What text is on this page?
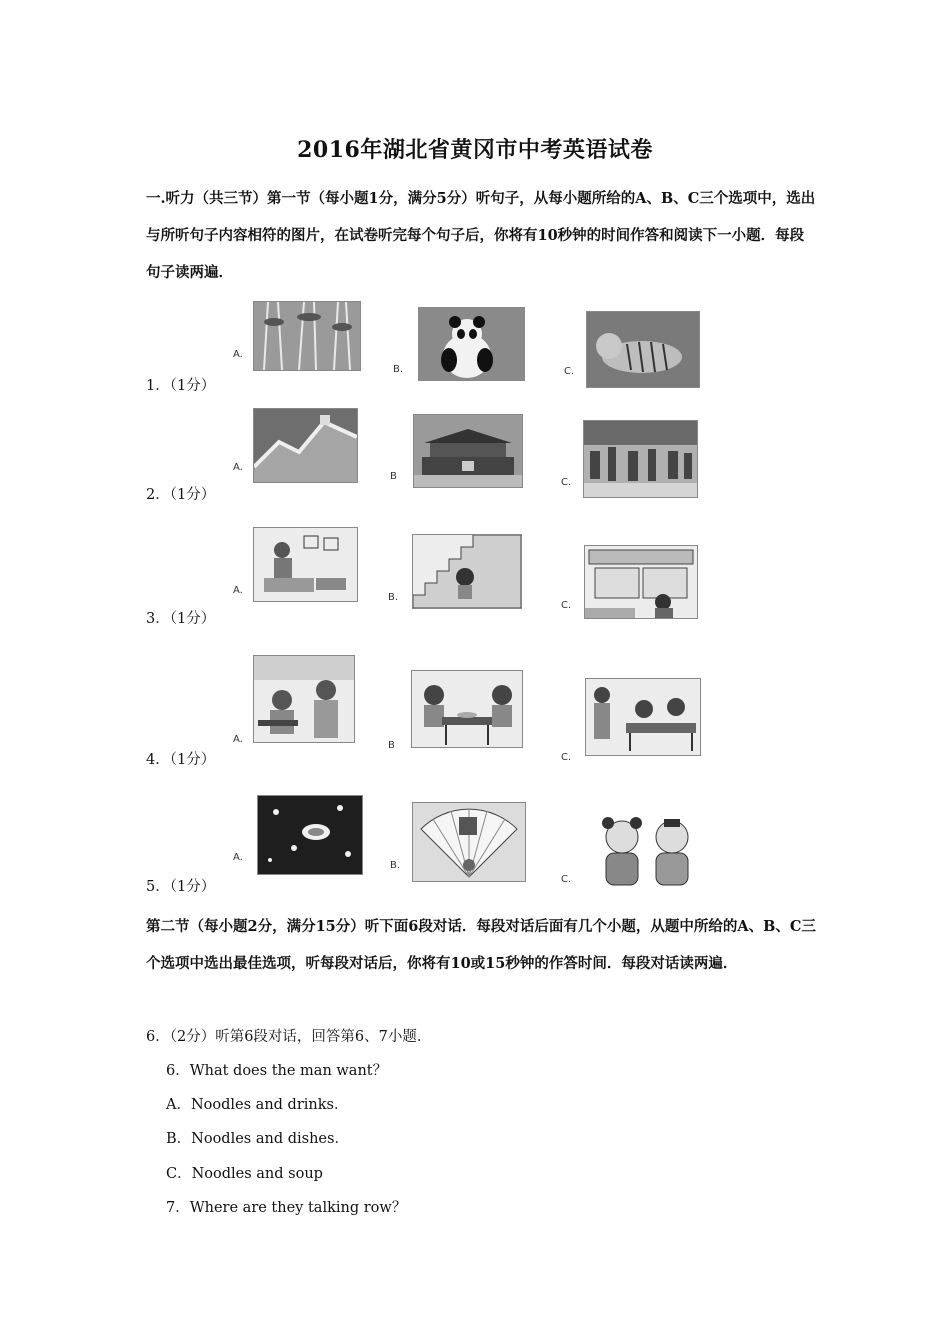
2016年湖北省黄冈市中考英语试卷
一.听力（共三节）第一节（每小题1分，满分5分）听句子，从每小题所给的A、B、C三个选项中，选出与所听句子内容相符的图片，在试卷听完每个句子后，你将有10秒钟的时间作答和阅读下一小题．每段句子读两遍．
1．（1分）
A.
B.	C.
2．（1分）
A.
B
C.
3．（1分）
A.
B.
C.
4．（1分）
A.
B
C.
5．（1分）
A.
B.
C.
第二节（每小题2分，满分15分）听下面6段对话．每段对话后面有几个小题，从题中所给的A、B、C三个选项中选出最佳选项，听每段对话后，你将有10或15秒钟的作答时间．每段对话读两遍．
6．（2分）听第6段对话，回答第6、7小题．
6．What does the man want？
A．Noodles and drinks．
B．Noodles and dishes．
C．Noodles and soup
7．Where are they talking row？
